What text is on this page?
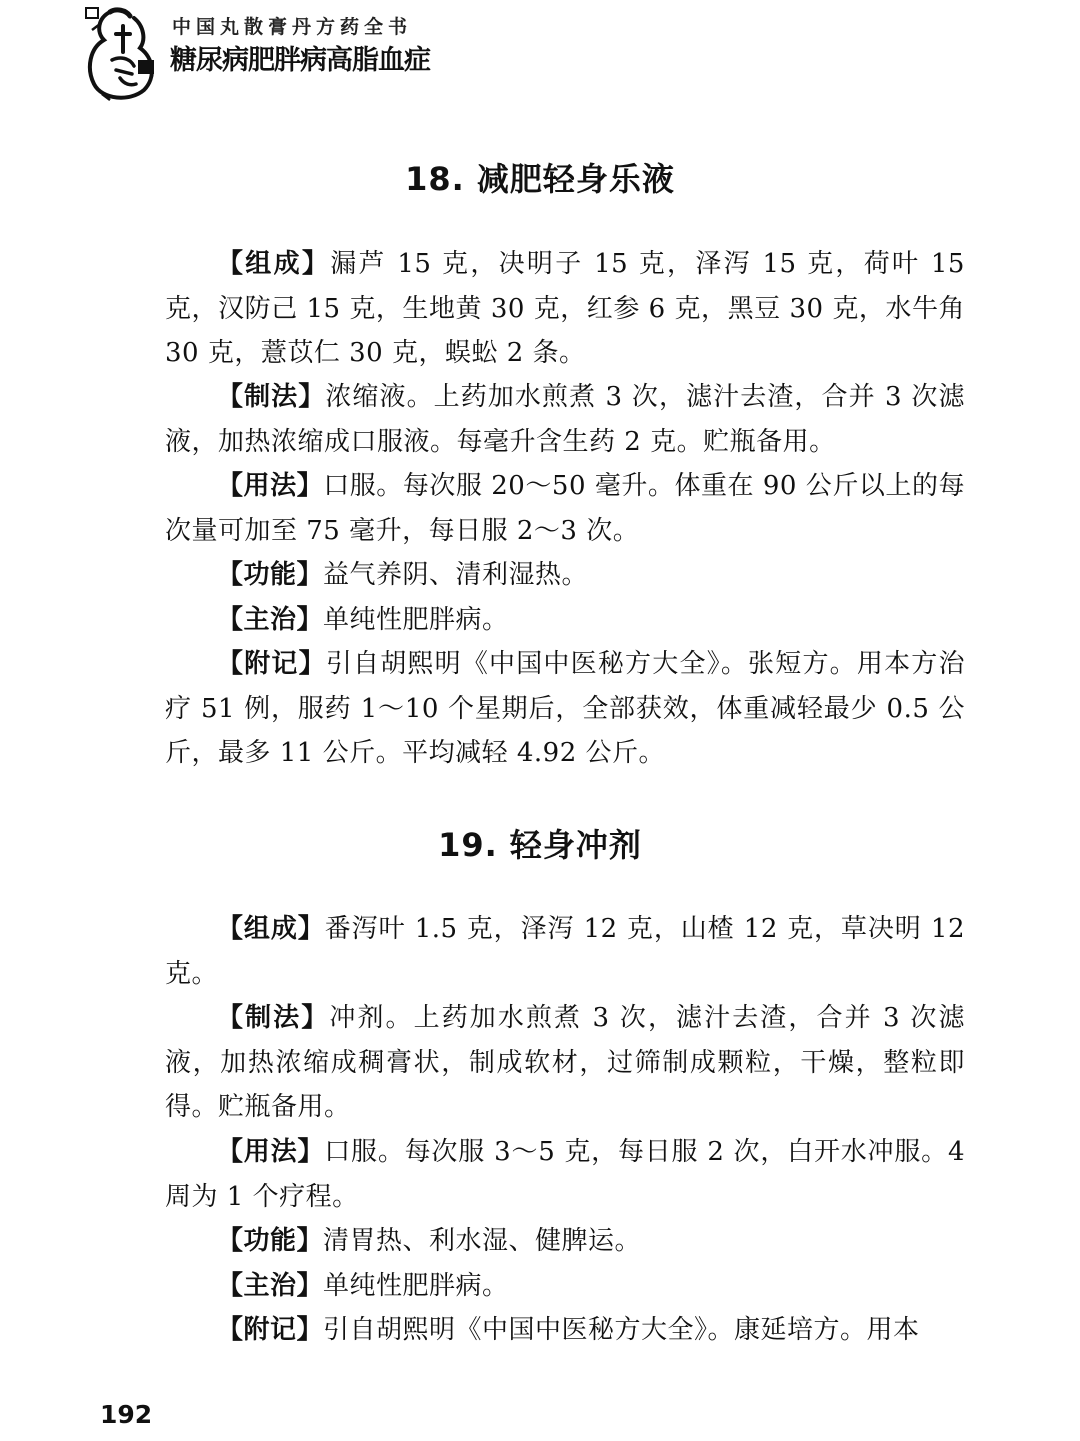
中国丸散膏丹方药全书
糖尿病肥胖病高脂血症
18. 减肥轻身乐液

【组成】漏芦 15 克，决明子 15 克，泽泻 15 克，荷叶 15 克，汉防己 15 克，生地黄 30 克，红参 6 克，黑豆 30 克，水牛角 30 克，薏苡仁 30 克，蜈蚣 2 条。

【制法】浓缩液。上药加水煎煮 3 次，滤汁去渣，合并 3 次滤液，加热浓缩成口服液。每毫升含生药 2 克。贮瓶备用。

【用法】口服。每次服 20～50 毫升。体重在 90 公斤以上的每次量可加至 75 毫升，每日服 2～3 次。

【功能】益气养阴、清利湿热。

【主治】单纯性肥胖病。

【附记】引自胡熙明《中国中医秘方大全》。张短方。用本方治疗 51 例，服药 1～10 个星期后，全部获效，体重减轻最少 0.5 公斤，最多 11 公斤。平均减轻 4.92 公斤。

19. 轻身冲剂

【组成】番泻叶 1.5 克，泽泻 12 克，山楂 12 克，草决明 12 克。

【制法】冲剂。上药加水煎煮 3 次，滤汁去渣，合并 3 次滤液，加热浓缩成稠膏状，制成软材，过筛制成颗粒，干燥，整粒即得。贮瓶备用。

【用法】口服。每次服 3～5 克，每日服 2 次，白开水冲服。4 周为 1 个疗程。

【功能】清胃热、利水湿、健脾运。

【主治】单纯性肥胖病。

【附记】引自胡熙明《中国中医秘方大全》。康延培方。用本

192
